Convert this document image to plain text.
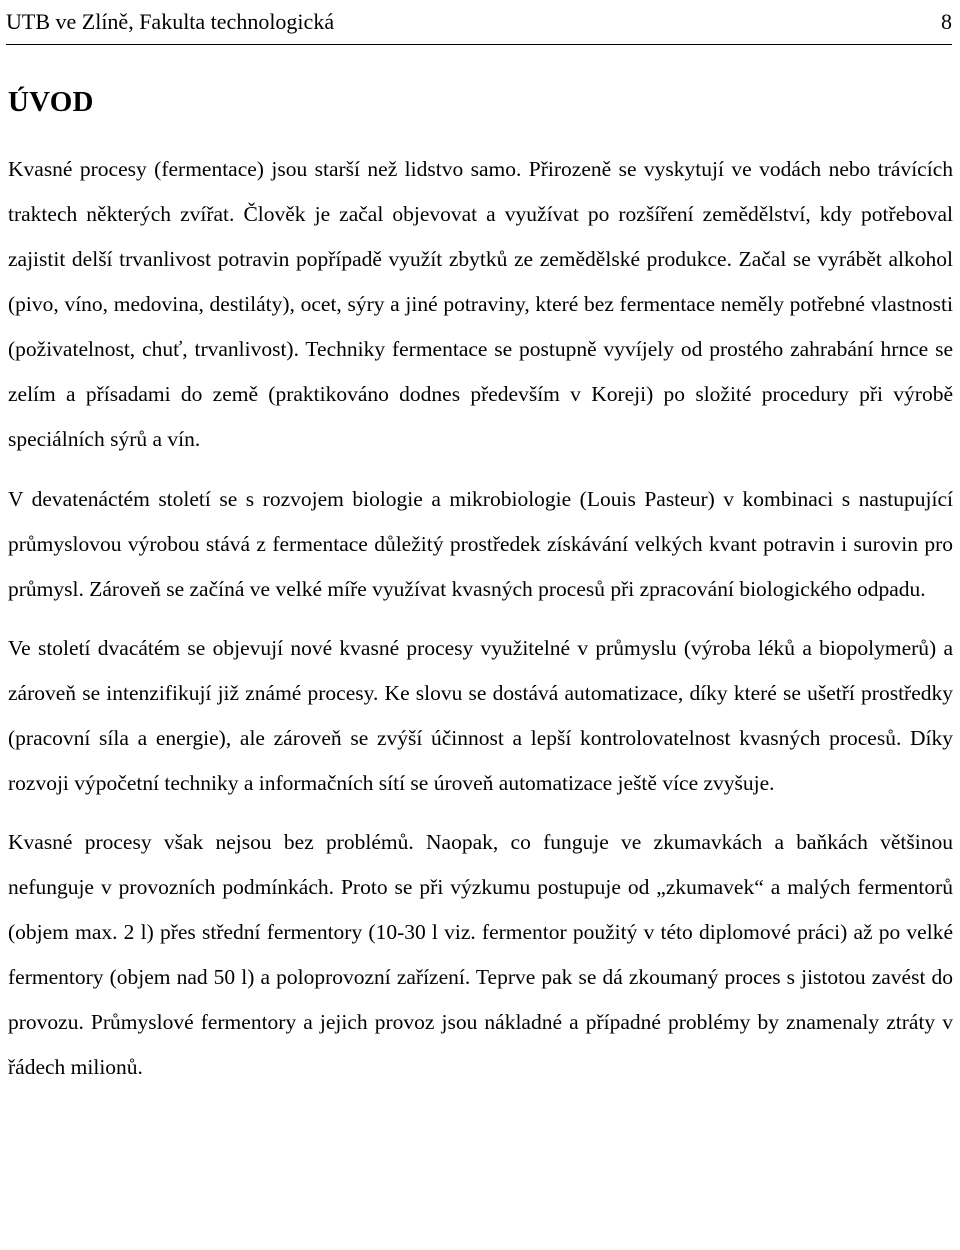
UTB ve Zlíně, Fakulta technologická	8
ÚVOD

Kvasné procesy (fermentace) jsou starší než lidstvo samo. Přirozeně se vyskytují ve vodách nebo trávících traktech některých zvířat. Člověk je začal objevovat a využívat po rozšíření zemědělství, kdy potřeboval zajistit delší trvanlivost potravin popřípadě využít zbytků ze zemědělské produkce. Začal se vyrábět alkohol (pivo, víno, medovina, destiláty), ocet, sýry a jiné potraviny, které bez fermentace neměly potřebné vlastnosti (poživatelnost, chuť, trvanlivost). Techniky fermentace se postupně vyvíjely od prostého zahrabání hrnce se zelím a přísadami do země (praktikováno dodnes především v Koreji) po složité procedury při výrobě speciálních sýrů a vín.

V devatenáctém století se s rozvojem biologie a mikrobiologie (Louis Pasteur) v kombinaci s nastupující průmyslovou výrobou stává z fermentace důležitý prostředek získávání velkých kvant potravin i surovin pro průmysl. Zároveň se začíná ve velké míře využívat kvasných procesů při zpracování biologického odpadu.

Ve století dvacátém se objevují nové kvasné procesy využitelné v průmyslu (výroba léků a biopolymerů) a zároveň se intenzifikují již známé procesy. Ke slovu se dostává automatizace, díky které se ušetří prostředky (pracovní síla a energie), ale zároveň se zvýší účinnost a lepší kontrolovatelnost kvasných procesů. Díky rozvoji výpočetní techniky a informačních sítí se úroveň automatizace ještě více zvyšuje.

Kvasné procesy však nejsou bez problémů. Naopak, co funguje ve zkumavkách a baňkách většinou nefunguje v provozních podmínkách. Proto se při výzkumu postupuje od „zkumavek“ a malých fermentorů (objem max. 2 l) přes střední fermentory (10-30 l viz. fermentor použitý v této diplomové práci) až po velké fermentory (objem nad 50 l) a poloprovozní zařízení. Teprve pak se dá zkoumaný proces s jistotou zavést do provozu. Průmyslové fermentory a jejich provoz jsou nákladné a případné problémy by znamenaly ztráty v řádech milionů.
